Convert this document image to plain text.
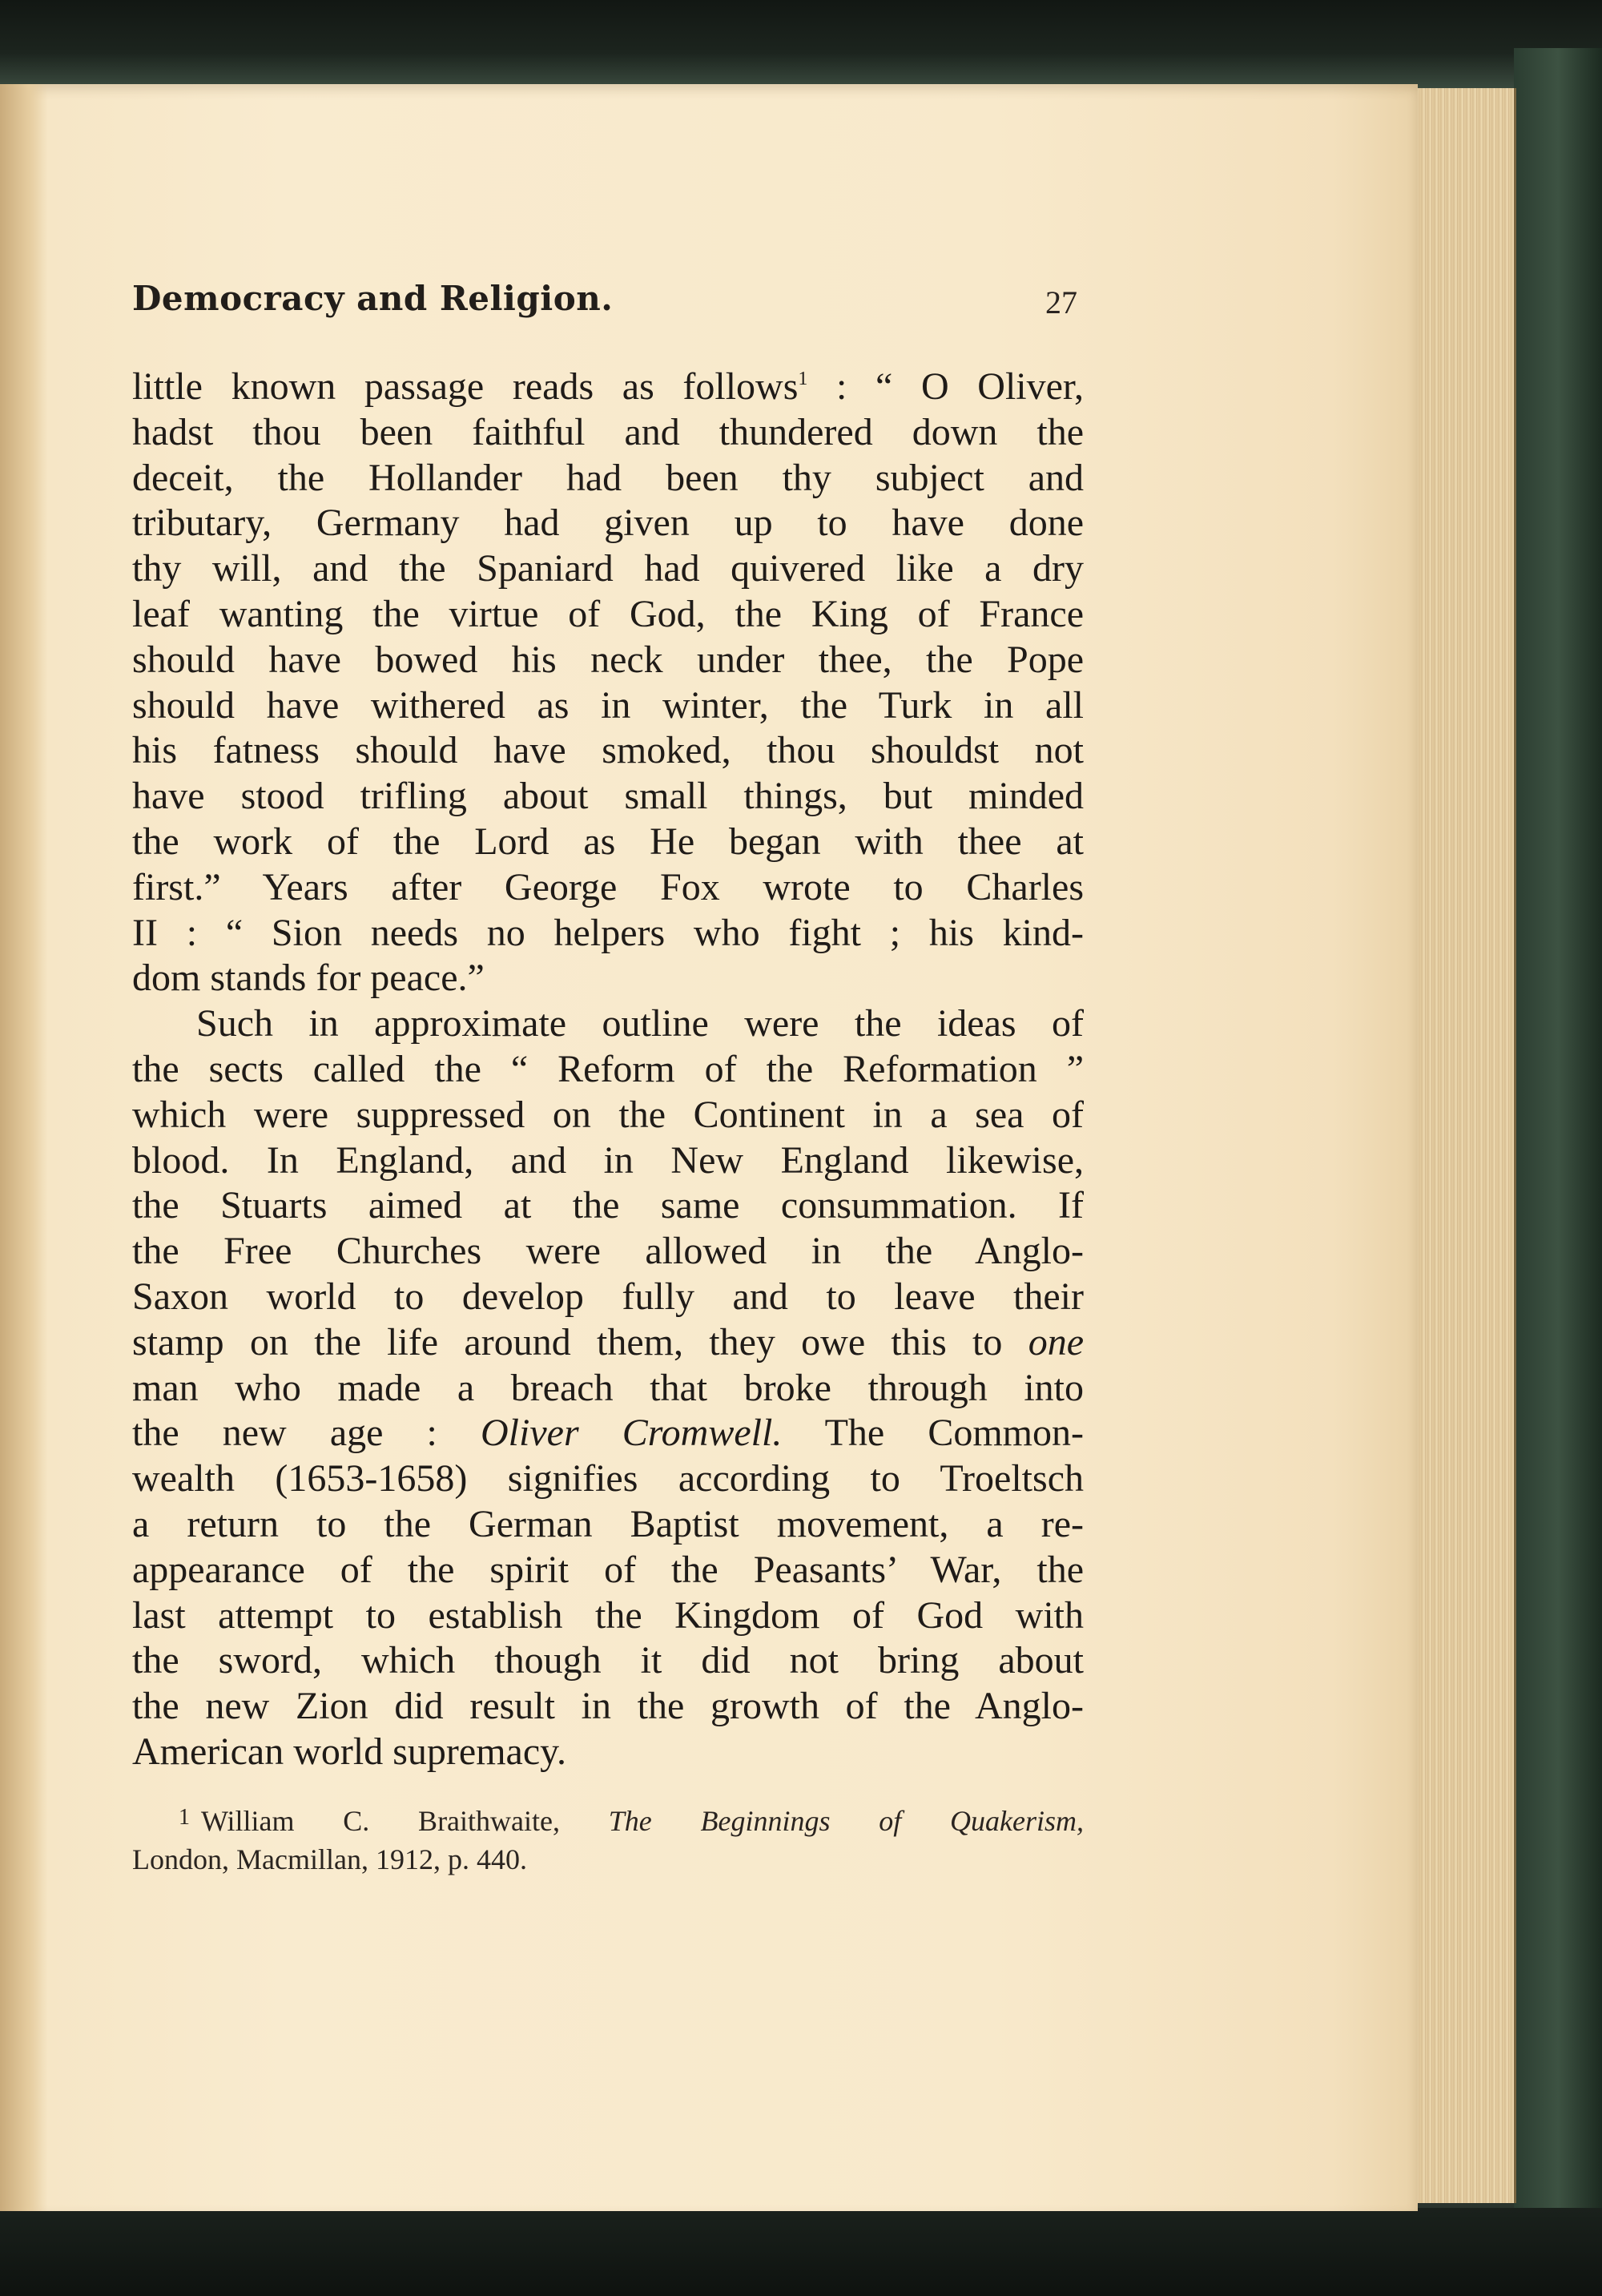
Democracy and Religion.	27

little known passage reads as follows$^1$ : “ O Oliver,
hadst thou been faithful and thundered down the
deceit, the Hollander had been thy subject and
tributary, Germany had given up to have done
thy will, and the Spaniard had quivered like a dry
leaf wanting the virtue of God, the King of France
should have bowed his neck under thee, the Pope
should have withered as in winter, the Turk in all
his fatness should have smoked, thou shouldst not
have stood trifling about small things, but minded
the work of the Lord as He began with thee at
first.” Years after George Fox wrote to Charles
II : “ Sion needs no helpers who fight ; his kind-
dom stands for peace.”

Such in approximate outline were the ideas of
the sects called the “ Reform of the Reformation ”
which were suppressed on the Continent in a sea of
blood. In England, and in New England likewise,
the Stuarts aimed at the same consummation. If
the Free Churches were allowed in the Anglo-
Saxon world to develop fully and to leave their
stamp on the life around them, they owe this to one
man who made a breach that broke through into
the new age : Oliver Cromwell. The Common-
wealth (1653-1658) signifies according to Troeltsch
a return to the German Baptist movement, a re-
appearance of the spirit of the Peasants’ War, the
last attempt to establish the Kingdom of God with
the sword, which though it did not bring about
the new Zion did result in the growth of the Anglo-
American world supremacy.

$^1$ William C. Braithwaite, The Beginnings of Quakerism,
London, Macmillan, 1912, p. 440.
